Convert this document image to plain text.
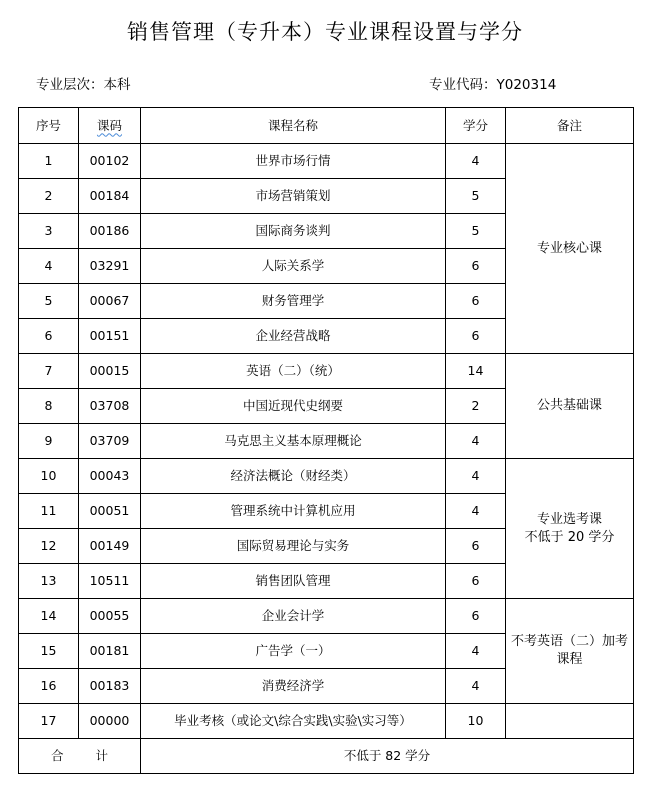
销售管理（专升本）专业课程设置与学分
专业层次：本科	专业代码：Y020314
序号	课码	课程名称	学分	备注
1	00102	世界市场行情	4	专业核心课
2	00184	市场营销策划	5	
3	00186	国际商务谈判	5	
4	03291	人际关系学	6	
5	00067	财务管理学	6	
6	00151	企业经营战略	6	
7	00015	英语（二）（统）	14	公共基础课
8	03708	中国近现代史纲要	2	
9	03709	马克思主义基本原理概论	4	
10	00043	经济法概论（财经类）	4	专业选考课
不低于 20 学分

11	00051	管理系统中计算机应用	4	
12	00149	国际贸易理论与实务	6	
13	10511	销售团队管理	6	
14	00055	企业会计学	6	不考英语（二）加考课程
15	00181	广告学（一）	4	
16	00183	消费经济学	4	
17	00000	毕业考核（或论文\综合实践\实验\实习等）	10	
合 计		不低于 82 学分		
